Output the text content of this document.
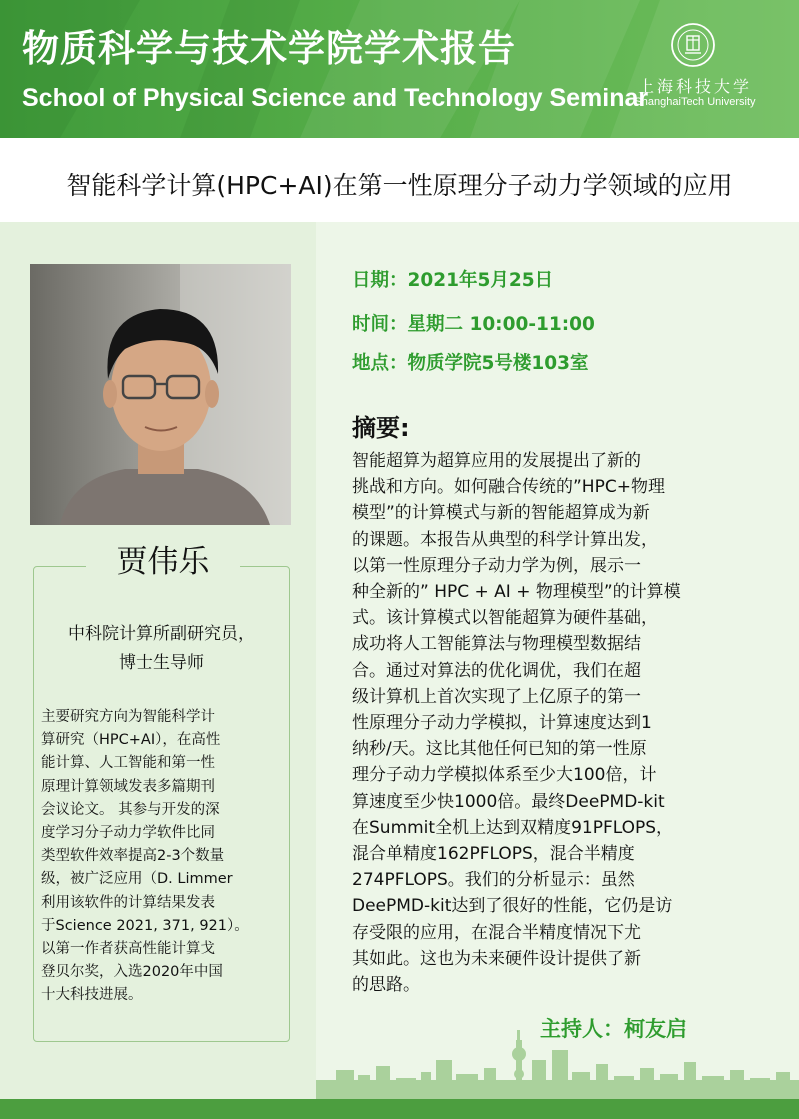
物质科学与技术学院学术报告
School of Physical Science and Technology Seminar
上海科技大学
ShanghaiTech University
智能科学计算(HPC+AI)在第一性原理分子动力学领域的应用
贾伟乐
中科院计算所副研究员，
博士生导师
主要研究方向为智能科学计
算研究（HPC+AI），在高性
能计算、人工智能和第一性
原理计算领域发表多篇期刊
会议论文。 其参与开发的深
度学习分子动力学软件比同
类型软件效率提高2-3个数量
级，被广泛应用（D. Limmer
利用该软件的计算结果发表
于Science 2021, 371, 921）。
以第一作者获高性能计算戈
登贝尔奖，入选2020年中国
十大科技进展。
日期：2021年5月25日
时间：星期二 10:00-11:00
地点：物质学院5号楼103室
摘要:
智能超算为超算应用的发展提出了新的
挑战和方向。如何融合传统的”HPC+物理
模型”的计算模式与新的智能超算成为新
的课题。本报告从典型的科学计算出发，
以第一性原理分子动力学为例，展示一
种全新的” HPC + AI + 物理模型”的计算模
式。该计算模式以智能超算为硬件基础，
成功将人工智能算法与物理模型数据结
合。通过对算法的优化调优，我们在超
级计算机上首次实现了上亿原子的第一
性原理分子动力学模拟，计算速度达到1
纳秒/天。这比其他任何已知的第一性原
理分子动力学模拟体系至少大100倍，计
算速度至少快1000倍。最终DeePMD-kit
在Summit全机上达到双精度91PFLOPS，
混合单精度162PFLOPS，混合半精度
274PFLOPS。我们的分析显示：虽然
DeePMD-kit达到了很好的性能，它仍是访
存受限的应用，在混合半精度情况下尤
其如此。这也为未来硬件设计提供了新
的思路。
主持人：柯友启
